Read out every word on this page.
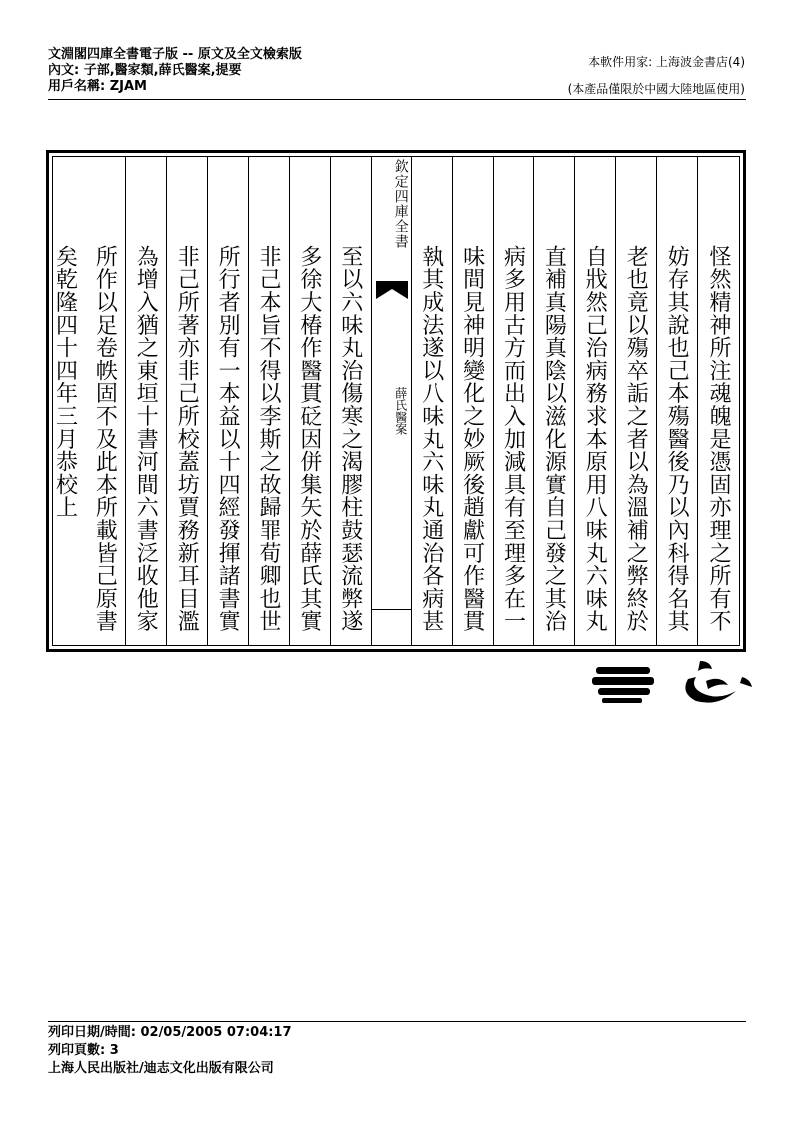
文淵閣四庫全書電子版 -- 原文及全文檢索版
內文: 子部,醫家類,薛氏醫案,提要
用戶名稱: ZJAM
本軟件用家: 上海波金書店(4)
(本產品僅限於中國大陸地區使用)
怪然精神所注魂魄是憑固亦理之所有不
妨存其說也己本殤醫後乃以內科得名其
老也竟以殤卒詬之者以為溫補之弊終於
自戕然己治病務求本原用八味丸六味丸
直補真陽真陰以滋化源實自己發之其治
病多用古方而出入加減具有至理多在一
味間見神明變化之妙厥後趙獻可作醫貫
執其成法遂以八味丸六味丸通治各病甚
欽定四庫全書
薛氏醫案
至以六味丸治傷寒之渴膠柱鼓瑟流弊遂
多徐大椿作醫貫砭因併集矢於薛氏其實
非己本旨不得以李斯之故歸罪荀卿也世
所行者別有一本益以十四經發揮諸書實
非己所著亦非己所校蓋坊賈務新耳目濫
為增入猶之東垣十書河間六書泛收他家
所作以足卷帙固不及此本所載皆己原書
矣乾隆四十四年三月恭校上
列印日期/時間: 02/05/2005 07:04:17
列印頁數: 3
上海人民出版社/迪志文化出版有限公司
